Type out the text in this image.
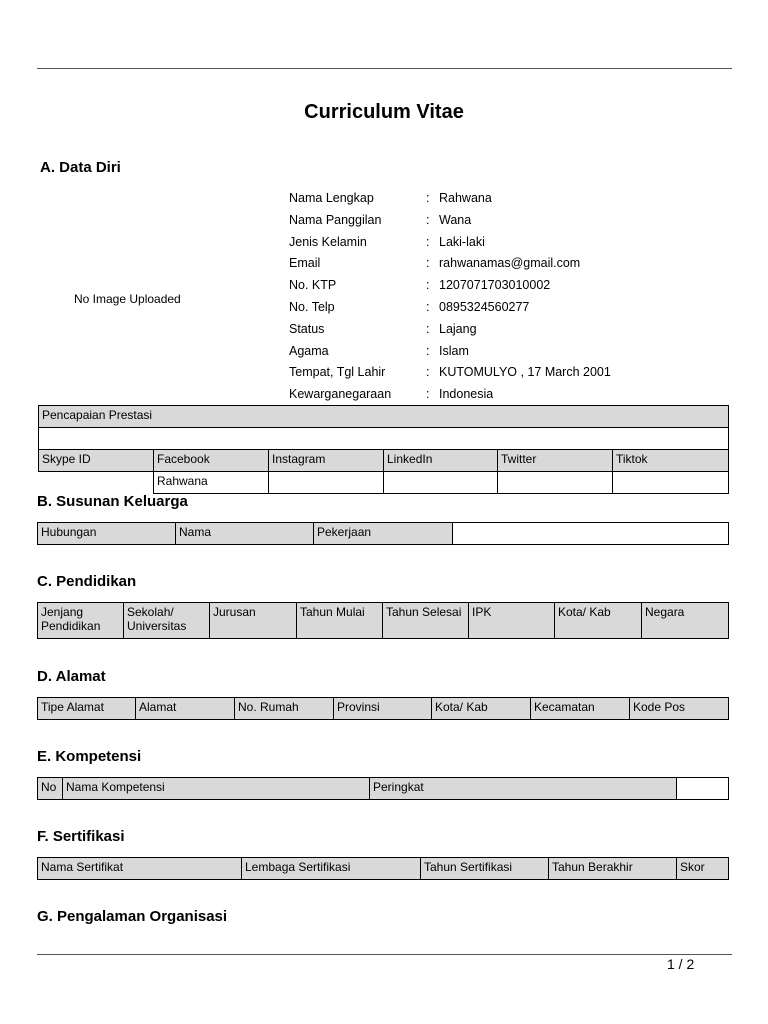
Curriculum Vitae
A. Data Diri
No Image Uploaded
Nama Lengkap	: Rahwana
Nama Panggilan	: Wana
Jenis Kelamin	: Laki-laki
Email	: rahwanamas@gmail.com
No. KTP	: 1207071703010002
No. Telp	: 0895324560277
Status	: Lajang
Agama	: Islam
Tempat, Tgl Lahir	: KUTOMULYO , 17 March 2001
Kewarganegaraan	: Indonesia
Pencapaian Prestasi					

Skype ID	Facebook	Instagram	LinkedIn	Twitter	Tiktok
	Rahwana				
B. Susunan Keluarga
Hubungan	Nama	Pekerjaan	
C. Pendidikan
Jenjang Pendidikan	Sekolah/ Universitas	Jurusan	Tahun Mulai	Tahun Selesai	IPK	Kota/ Kab	Negara
D. Alamat
Tipe Alamat	Alamat	No. Rumah	Provinsi	Kota/ Kab	Kecamatan	Kode Pos
E. Kompetensi
No	Nama Kompetensi	Peringkat	
F. Sertifikasi
Nama Sertifikat	Lembaga Sertifikasi	Tahun Sertifikasi	Tahun Berakhir	Skor
G. Pengalaman Organisasi
1 / 2
